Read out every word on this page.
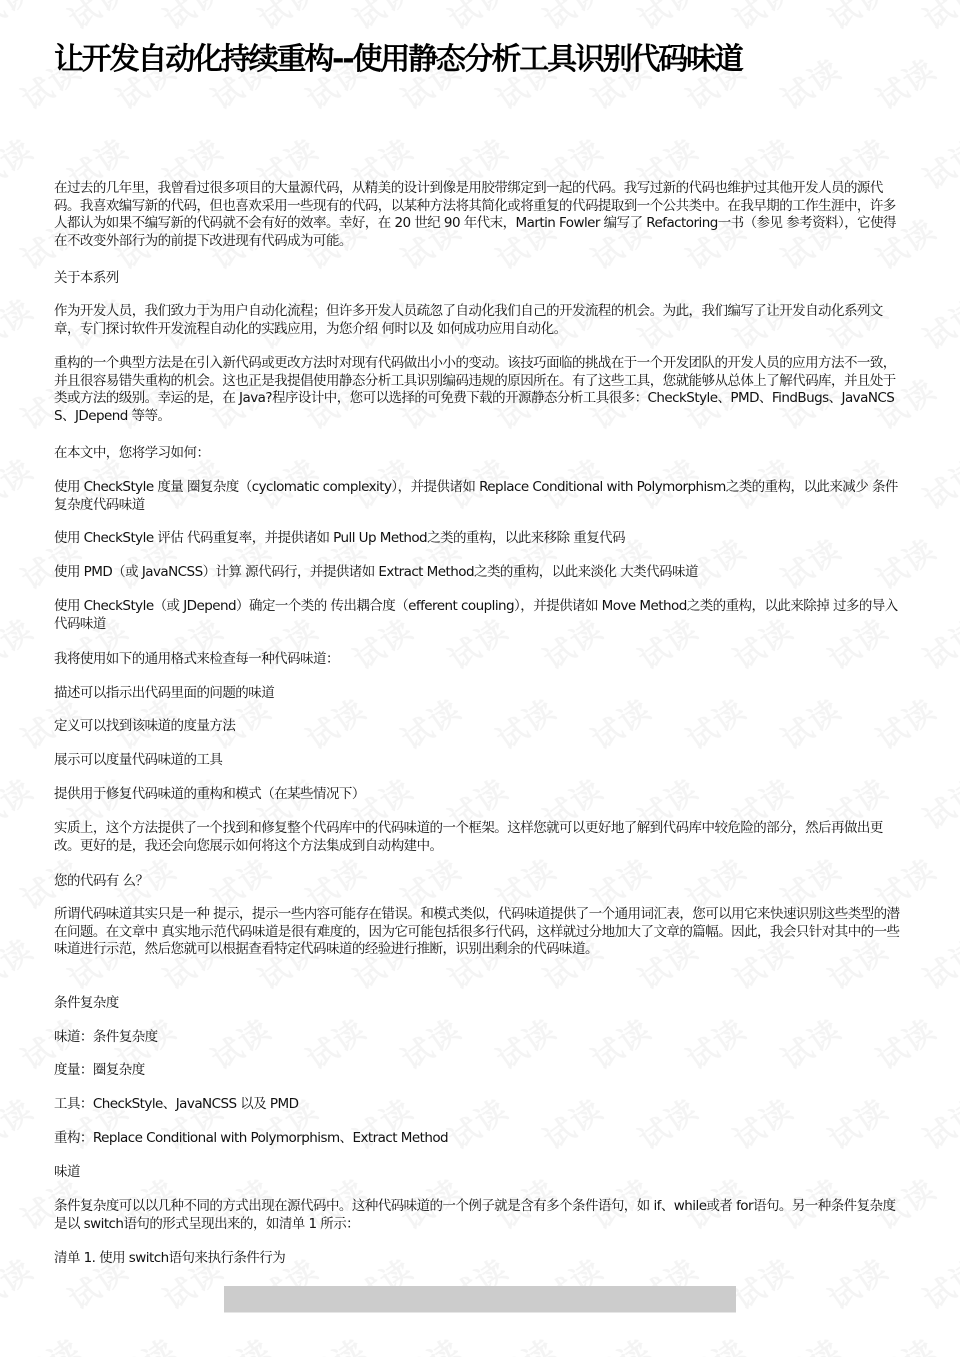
让开发自动化持续重构--使用静态分析工具识别代码味道

在过去的几年里，我曾看过很多项目的大量源代码，从精美的设计到像是用胶带绑定到一起的代码。我写过新的代码也维护过其他开发人员的源代码。我喜欢编写新的代码，但也喜欢采用一些现有的代码，以某种方法将其简化或将重复的代码提取到一个公共类中。在我早期的工作生涯中，许多人都认为如果不编写新的代码就不会有好的效率。幸好，在 20 世纪 90 年代末，Martin Fowler 编写了 Refactoring一书（参见 参考资料），它使得在不改变外部行为的前提下改进现有代码成为可能。

关于本系列

作为开发人员，我们致力于为用户自动化流程；但许多开发人员疏忽了自动化我们自己的开发流程的机会。为此，我们编写了让开发自动化系列文章，专门探讨软件开发流程自动化的实践应用，为您介绍 何时以及 如何成功应用自动化。

重构的一个典型方法是在引入新代码或更改方法时对现有代码做出小小的变动。该技巧面临的挑战在于一个开发团队的开发人员的应用方法不一致，并且很容易错失重构的机会。这也正是我提倡使用静态分析工具识别编码违规的原因所在。有了这些工具，您就能够从总体上了解代码库，并且处于类或方法的级别。幸运的是，在 Java?程序设计中，您可以选择的可免费下载的开源静态分析工具很多：CheckStyle、PMD、FindBugs、JavaNCSS、JDepend 等等。

在本文中，您将学习如何：

使用 CheckStyle 度量 圈复杂度（cyclomatic complexity），并提供诸如 Replace Conditional with Polymorphism之类的重构，以此来减少 条件复杂度代码味道

使用 CheckStyle 评估 代码重复率，并提供诸如 Pull Up Method之类的重构，以此来移除 重复代码

使用 PMD（或 JavaNCSS）计算 源代码行，并提供诸如 Extract Method之类的重构，以此来淡化 大类代码味道

使用 CheckStyle（或 JDepend）确定一个类的 传出耦合度（efferent coupling），并提供诸如 Move Method之类的重构，以此来除掉 过多的导入代码味道

我将使用如下的通用格式来检查每一种代码味道：

描述可以指示出代码里面的问题的味道

定义可以找到该味道的度量方法

展示可以度量代码味道的工具

提供用于修复代码味道的重构和模式（在某些情况下）

实质上，这个方法提供了一个找到和修复整个代码库中的代码味道的一个框架。这样您就可以更好地了解到代码库中较危险的部分，然后再做出更改。更好的是，我还会向您展示如何将这个方法集成到自动构建中。

您的代码有 么？

所谓代码味道其实只是一种 提示，提示一些内容可能存在错误。和模式类似，代码味道提供了一个通用词汇表，您可以用它来快速识别这些类型的潜在问题。在文章中 真实地示范代码味道是很有难度的，因为它可能包括很多行代码，这样就过分地加大了文章的篇幅。因此，我会只针对其中的一些味道进行示范，然后您就可以根据查看特定代码味道的经验进行推断，识别出剩余的代码味道。

条件复杂度

味道：条件复杂度

度量：圈复杂度

工具：CheckStyle、JavaNCSS 以及 PMD

重构：Replace Conditional with Polymorphism、Extract Method

味道

条件复杂度可以以几种不同的方式出现在源代码中。这种代码味道的一个例子就是含有多个条件语句，如 if、while或者 for语句。另一种条件复杂度是以 switch语句的形式呈现出来的，如清单 1 所示：

清单 1. 使用 switch语句来执行条件行为
